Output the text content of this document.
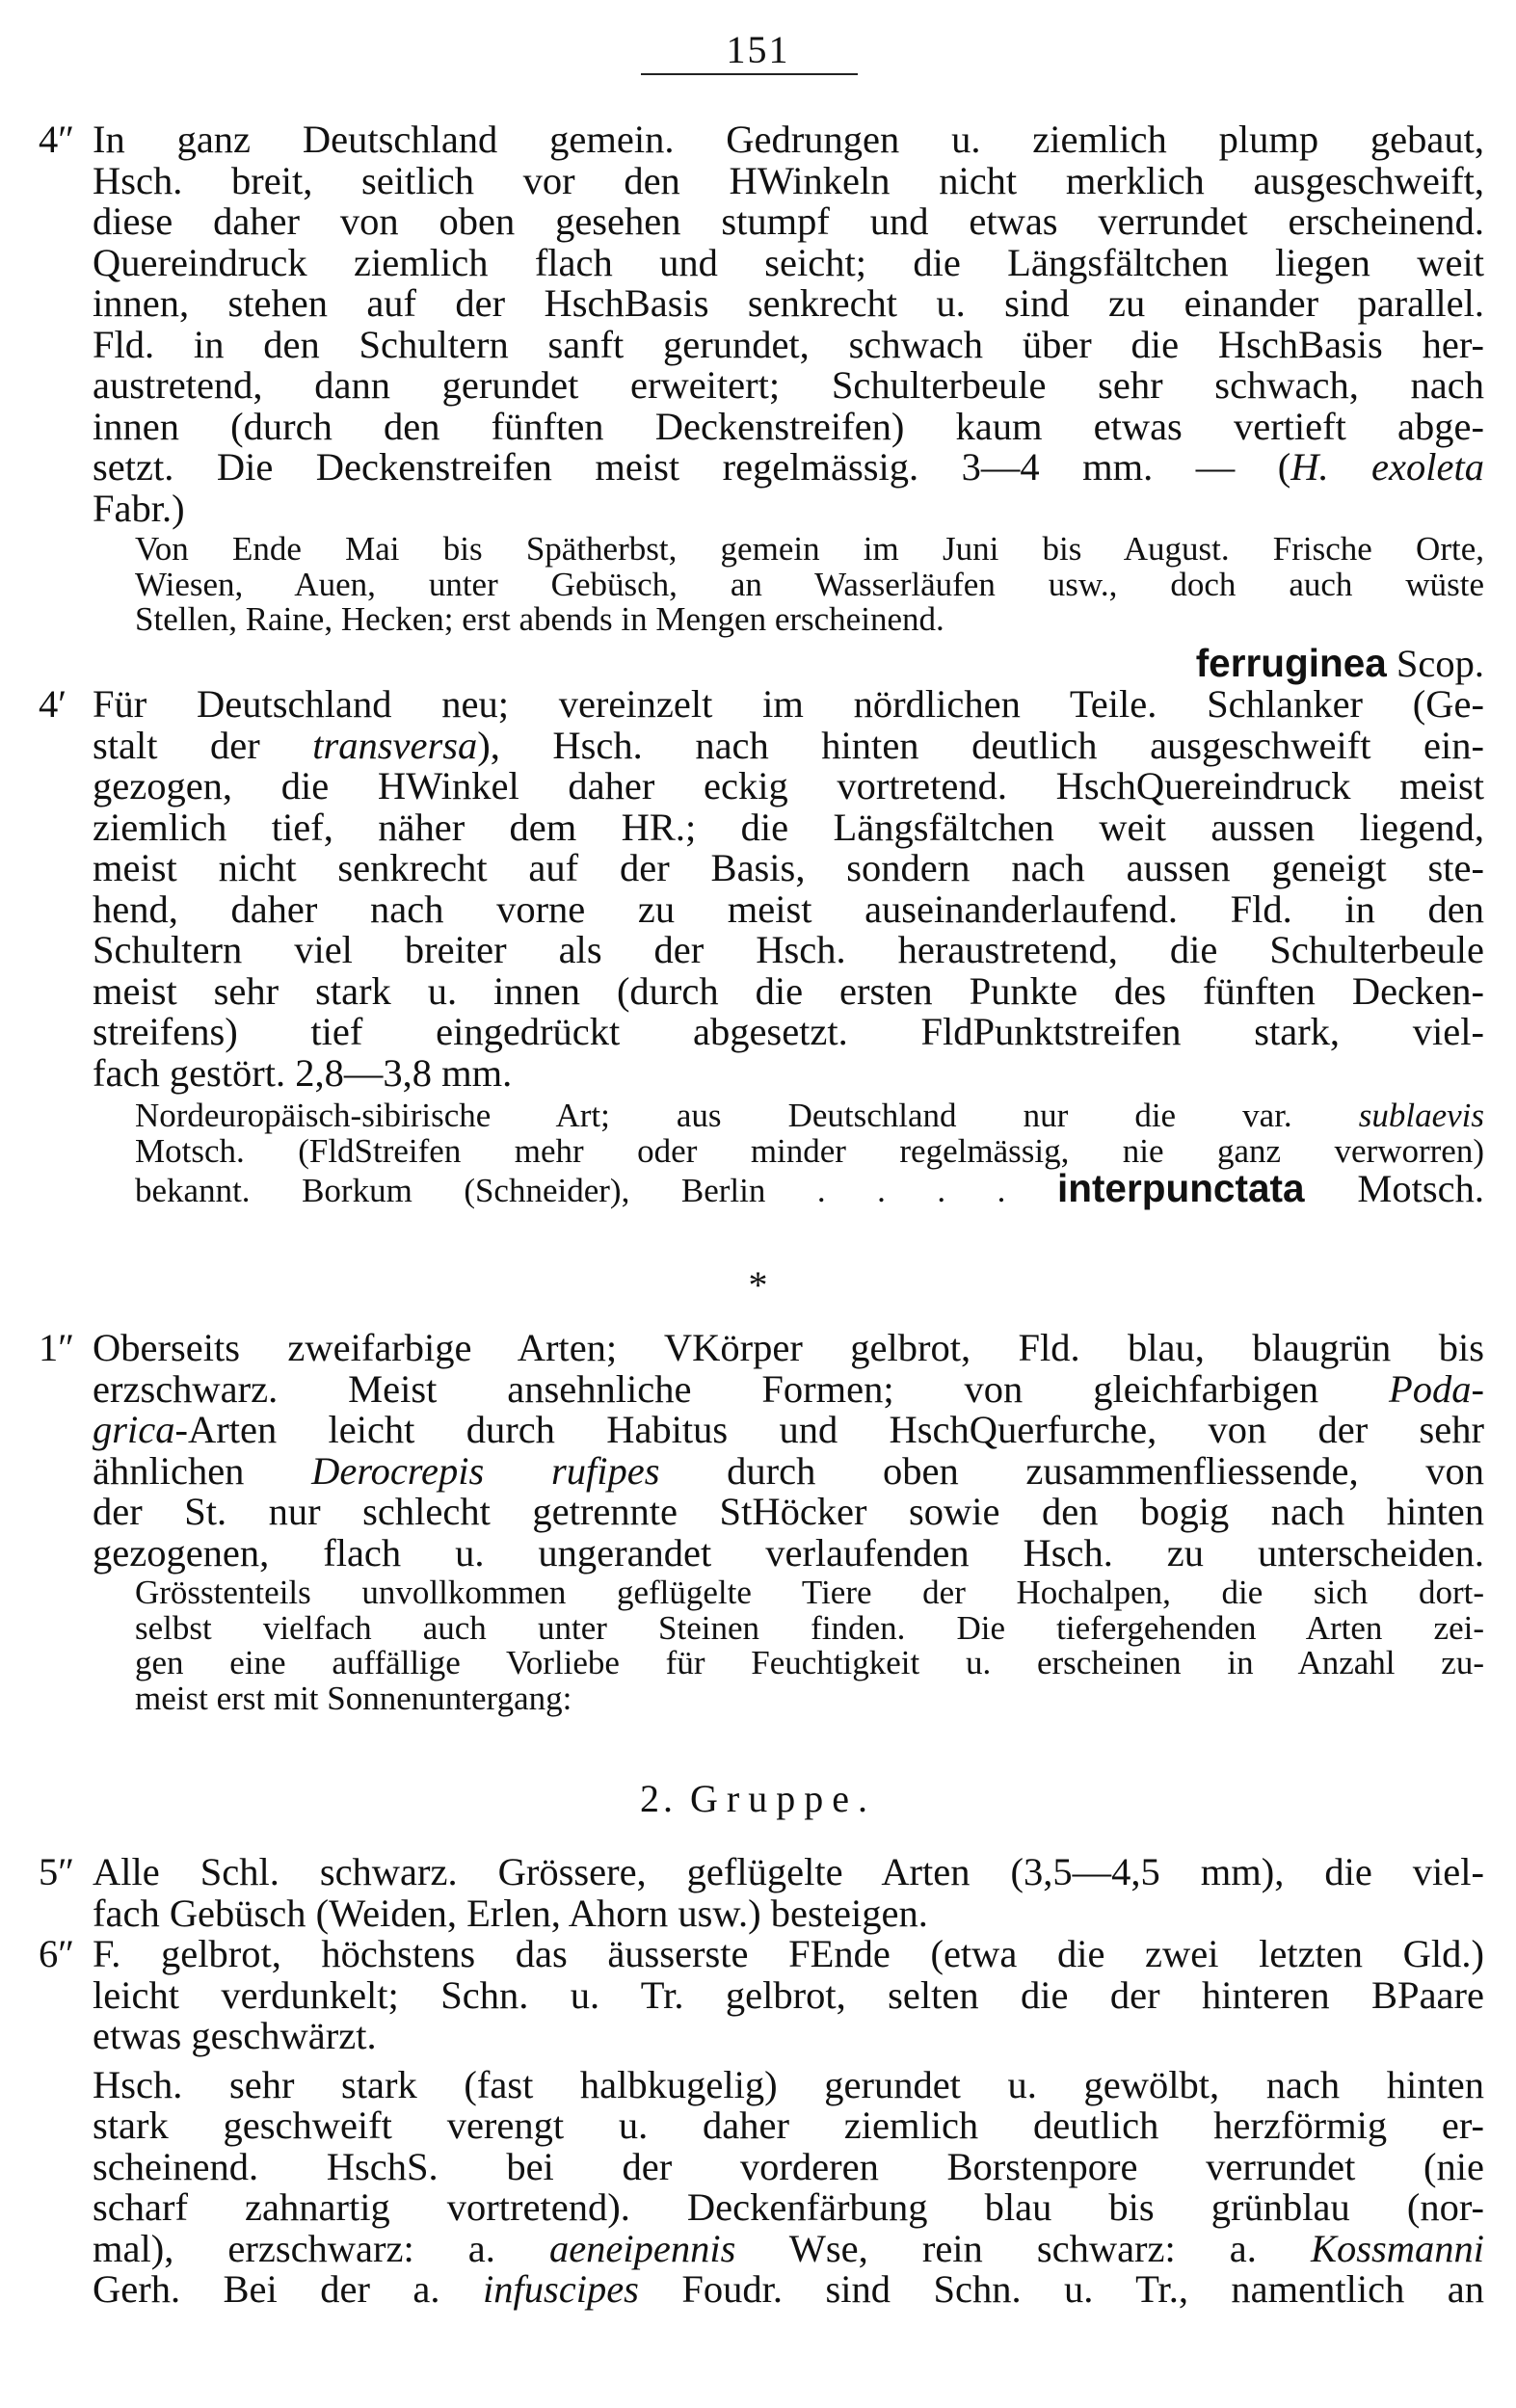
151
4″ In ganz Deutschland gemein. Gedrungen u. ziemlich plump gebaut,
Hsch. breit, seitlich vor den HWinkeln nicht merklich ausgeschweift,
diese daher von oben gesehen stumpf und etwas verrundet erscheinend.
Quereindruck ziemlich flach und seicht; die Längsfältchen liegen weit
innen, stehen auf der HschBasis senkrecht u. sind zu einander parallel.
Fld. in den Schultern sanft gerundet, schwach über die HschBasis her-
austretend, dann gerundet erweitert; Schulterbeule sehr schwach, nach
innen (durch den fünften Deckenstreifen) kaum etwas vertieft abge-
setzt. Die Deckenstreifen meist regelmässig. 3—4 mm. — (H. exoleta
Fabr.)
Von Ende Mai bis Spätherbst, gemein im Juni bis August. Frische Orte,
Wiesen, Auen, unter Gebüsch, an Wasserläufen usw., doch auch wüste
Stellen, Raine, Hecken; erst abends in Mengen erscheinend.
ferruginea Scop.
4′ Für Deutschland neu; vereinzelt im nördlichen Teile. Schlanker (Ge-
stalt der transversa), Hsch. nach hinten deutlich ausgeschweift ein-
gezogen, die HWinkel daher eckig vortretend. HschQuereindruck meist
ziemlich tief, näher dem HR.; die Längsfältchen weit aussen liegend,
meist nicht senkrecht auf der Basis, sondern nach aussen geneigt ste-
hend, daher nach vorne zu meist auseinanderlaufend. Fld. in den
Schultern viel breiter als der Hsch. heraustretend, die Schulterbeule
meist sehr stark u. innen (durch die ersten Punkte des fünften Decken-
streifens) tief eingedrückt abgesetzt. FldPunktstreifen stark, viel-
fach gestört. 2,8—3,8 mm.
Nordeuropäisch-sibirische Art; aus Deutschland nur die var. sublaevis
Motsch. (FldStreifen mehr oder minder regelmässig, nie ganz verworren)
bekannt. Borkum (Schneider), Berlin . . . . interpunctata Motsch.
*
1″ Oberseits zweifarbige Arten; VKörper gelbrot, Fld. blau, blaugrün bis
erzschwarz. Meist ansehnliche Formen; von gleichfarbigen Poda-
grica-Arten leicht durch Habitus und HschQuerfurche, von der sehr
ähnlichen Derocrepis rufipes durch oben zusammenfliessende, von
der St. nur schlecht getrennte StHöcker sowie den bogig nach hinten
gezogenen, flach u. ungerandet verlaufenden Hsch. zu unterscheiden.
Grösstenteils unvollkommen geflügelte Tiere der Hochalpen, die sich dort-
selbst vielfach auch unter Steinen finden. Die tiefergehenden Arten zei-
gen eine auffällige Vorliebe für Feuchtigkeit u. erscheinen in Anzahl zu-
meist erst mit Sonnenuntergang:
2. Gruppe.
5″ Alle Schl. schwarz. Grössere, geflügelte Arten (3,5—4,5 mm), die viel-
fach Gebüsch (Weiden, Erlen, Ahorn usw.) besteigen.
6″ F. gelbrot, höchstens das äusserste FEnde (etwa die zwei letzten Gld.)
leicht verdunkelt; Schn. u. Tr. gelbrot, selten die der hinteren BPaare
etwas geschwärzt.
Hsch. sehr stark (fast halbkugelig) gerundet u. gewölbt, nach hinten
stark geschweift verengt u. daher ziemlich deutlich herzförmig er-
scheinend. HschS. bei der vorderen Borstenpore verrundet (nie
scharf zahnartig vortretend). Deckenfärbung blau bis grünblau (nor-
mal), erzschwarz: a. aeneipennis Wse, rein schwarz: a. Kossmanni
Gerh. Bei der a. infuscipes Foudr. sind Schn. u. Tr., namentlich an
